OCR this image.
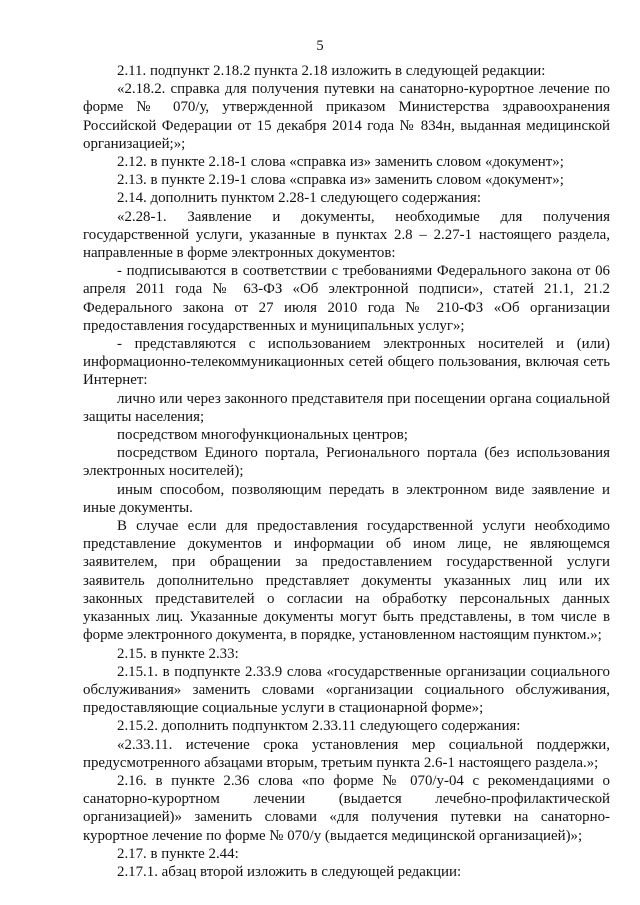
5

2.11. подпункт 2.18.2 пункта 2.18 изложить в следующей редакции:

«2.18.2. справка для получения путевки на санаторно-курортное лечение по форме № 070/у, утвержденной приказом Министерства здравоохранения Российской Федерации от 15 декабря 2014 года № 834н, выданная медицинской организацией;»;

2.12. в пункте 2.18-1 слова «справка из» заменить словом «документ»;

2.13. в пункте 2.19-1 слова «справка из» заменить словом «документ»;

2.14. дополнить пунктом 2.28-1 следующего содержания:

«2.28-1. Заявление и документы, необходимые для получения государственной услуги, указанные в пунктах 2.8 – 2.27-1 настоящего раздела, направленные в форме электронных документов:

- подписываются в соответствии с требованиями Федерального закона от 06 апреля 2011 года № 63-ФЗ «Об электронной подписи», статей 21.1, 21.2 Федерального закона от 27 июля 2010 года № 210-ФЗ «Об организации предоставления государственных и муниципальных услуг»;

- представляются с использованием электронных носителей и (или) информационно-телекоммуникационных сетей общего пользования, включая сеть Интернет:

лично или через законного представителя при посещении органа социальной защиты населения;

посредством многофункциональных центров;

посредством Единого портала, Регионального портала (без использования электронных носителей);

иным способом, позволяющим передать в электронном виде заявление и иные документы.

В случае если для предоставления государственной услуги необходимо представление документов и информации об ином лице, не являющемся заявителем, при обращении за предоставлением государственной услуги заявитель дополнительно представляет документы указанных лиц или их законных представителей о согласии на обработку персональных данных указанных лиц. Указанные документы могут быть представлены, в том числе в форме электронного документа, в порядке, установленном настоящим пунктом.»;

2.15. в пункте 2.33:

2.15.1. в подпункте 2.33.9 слова «государственные организации социального обслуживания» заменить словами «организации социального обслуживания, предоставляющие социальные услуги в стационарной форме»;

2.15.2. дополнить подпунктом 2.33.11 следующего содержания:

«2.33.11. истечение срока установления мер социальной поддержки, предусмотренного абзацами вторым, третьим пункта 2.6-1 настоящего раздела.»;

2.16. в пункте 2.36 слова «по форме № 070/у-04 с рекомендациями о санаторно-курортном лечении (выдается лечебно-профилактической организацией)» заменить словами «для получения путевки на санаторно-курортное лечение по форме № 070/у (выдается медицинской организацией)»;

2.17. в пункте 2.44:

2.17.1. абзац второй изложить в следующей редакции:
